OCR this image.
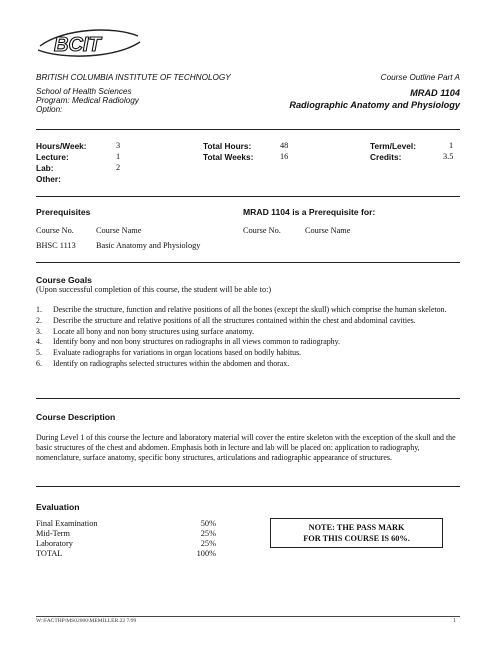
BCIT
BRITISH COLUMBIA INSTITUTE OF TECHNOLOGY	Course Outline Part A
School of Health Sciences
Program: Medical Radiology
Option:
MRAD 1104
Radiographic Anatomy and Physiology
Hours/Week:	3
Lecture:	1
Lab:	2
Other:
Total Hours:	48
Total Weeks:	16
Term/Level:	1
Credits:	3.5
Prerequisites	MRAD 1104 is a Prerequisite for:
Course No.	Course Name	Course No.	Course Name
BHSC 1113 Basic Anatomy and Physiology
Course Goals
(Upon successful completion of this course, the student will be able to:)
1. Describe the structure, function and relative positions of all the bones (except the skull) which comprise the human skeleton.
2. Describe the structure and relative positions of all the structures contained within the chest and abdominal cavities.
3. Locate all bony and non bony structures using surface anatomy.
4. Identify bony and non bony structures on radiographs in all views common to radiography.
5. Evaluate radiographs for variations in organ locations based on bodily habitus.
6. Identify on radiographs selected structures within the abdomen and thorax.
Course Description
During Level 1 of this course the lecture and laboratory material will cover the entire skeleton with the exception of the skull and the basic structures of the chest and abdomen. Emphasis both in lecture and lab will be placed on: application to radiography, nomenclature, surface anatomy, specific bony structures, articulations and radiographic appearance of structures.
Evaluation
Final Examination	50%
Mid-Term	25%
Laboratory	25%
TOTAL	100%
NOTE: THE PASS MARK
FOR THIS COURSE IS 60%.
W:\FACTHP\MS02000\MEMILLER.22 7/99	1
